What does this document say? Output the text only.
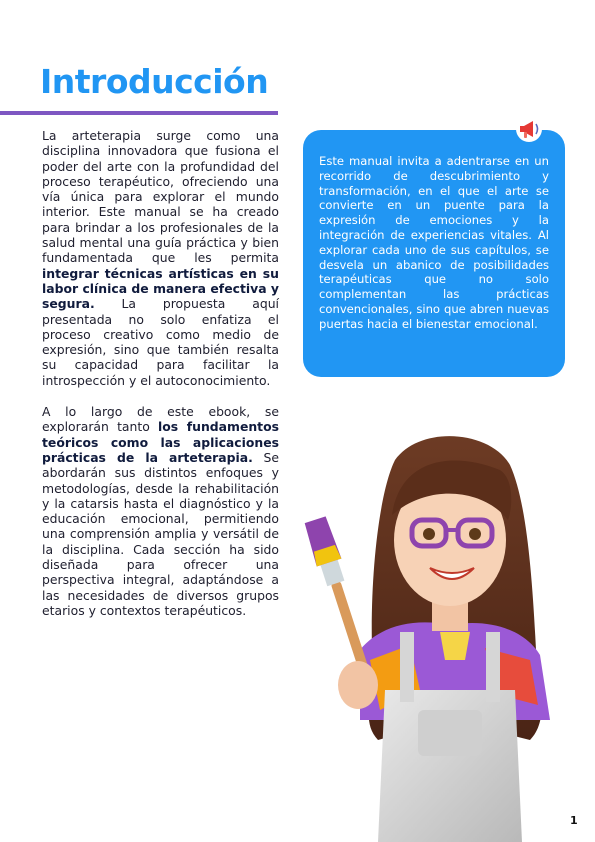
Introducción

La arteterapia surge como una disciplina innovadora que fusiona el poder del arte con la profundidad del proceso terapéutico, ofreciendo una vía única para explorar el mundo interior. Este manual se ha creado para brindar a los profesionales de la salud mental una guía práctica y bien fundamentada que les permita integrar técnicas artísticas en su labor clínica de manera efectiva y segura. La propuesta aquí presentada no solo enfatiza el proceso creativo como medio de expresión, sino que también resalta su capacidad para facilitar la introspección y el autoconocimiento.

A lo largo de este ebook, se explorarán tanto los fundamentos teóricos como las aplicaciones prácticas de la arteterapia. Se abordarán sus distintos enfoques y metodologías, desde la rehabilitación y la catarsis hasta el diagnóstico y la educación emocional, permitiendo una comprensión amplia y versátil de la disciplina. Cada sección ha sido diseñada para ofrecer una perspectiva integral, adaptándose a las necesidades de diversos grupos etarios y contextos terapéuticos.

Este manual invita a adentrarse en un recorrido de descubrimiento y transformación, en el que el arte se convierte en un puente para la expresión de emociones y la integración de experiencias vitales. Al explorar cada uno de sus capítulos, se desvela un abanico de posibilidades terapéuticas que no solo complementan las prácticas convencionales, sino que abren nuevas puertas hacia el bienestar emocional.

1
